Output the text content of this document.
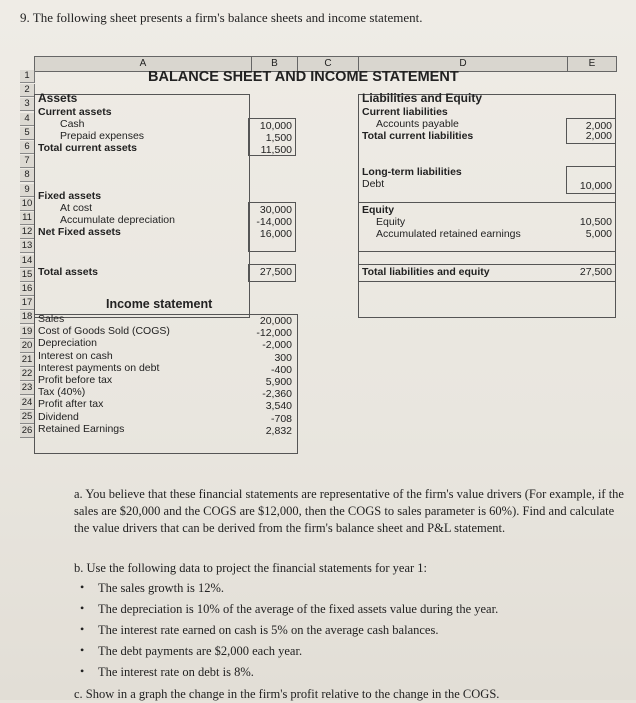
9. The following sheet presents a firm's balance sheets and income statement.
A	B	C	D	E
1
2
3
4
5
6
7
8
9
10
11
12
13
14
15
16
17
18
19
20
21
22
23
24
25
26
BALANCE SHEET AND INCOME STATEMENT
Assets
Current assets
Cash	10,000
Prepaid expenses	1,500
Total current assets	11,500
Fixed assets
At cost	30,000
Accumulate depreciation	-14,000
Net Fixed assets	16,000
Total assets	27,500
Liabilities and Equity
Current liabilities
Accounts payable	2,000
Total current liabilities	2,000
Long-term liabilities
Debt	10,000
Equity
Equity	10,500
Accumulated retained earnings	5,000
Total liabilities and equity	27,500
Income statement
Sales	20,000
Cost of Goods Sold (COGS)	-12,000
Depreciation	-2,000
Interest on cash	300
Interest payments on debt	-400
Profit before tax	5,900
Tax (40%)	-2,360
Profit after tax	3,540
Dividend	-708
Retained Earnings	2,832
a. You believe that these financial statements are representative of the firm's value drivers (For example, if the sales are $20,000 and the COGS are $12,000, then the COGS to sales parameter is 60%). Find and calculate the value drivers that can be derived from the firm's balance sheet and P&L statement.
b. Use the following data to project the financial statements for year 1:
• The sales growth is 12%.
• The depreciation is 10% of the average of the fixed assets value during the year.
• The interest rate earned on cash is 5% on the average cash balances.
• The debt payments are $2,000 each year.
• The interest rate on debt is 8%.
c. Show in a graph the change in the firm's profit relative to the change in the COGS.
